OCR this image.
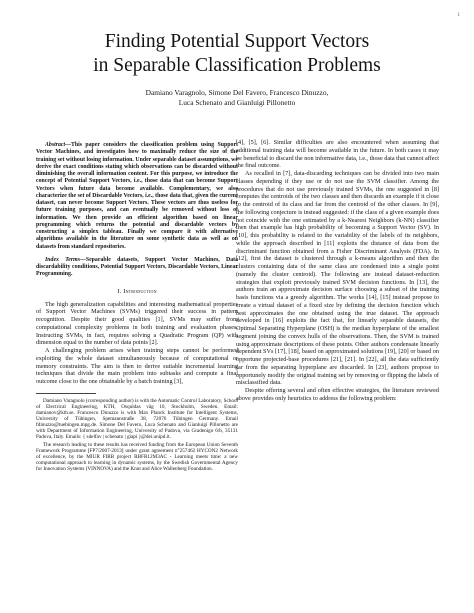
1
Finding Potential Support Vectors
in Separable Classification Problems
Damiano Varagnolo, Simone Del Favero, Francesco Dinuzzo,
Luca Schenato and Gianluigi Pillonetto

Abstract—This paper considers the classification problem using Support Vector Machines, and investigates how to maximally reduce the size of the training set without losing information. Under separable dataset assumptions, we derive the exact conditions stating which observations can be discarded without diminishing the overall information content. For this purpose, we introduce the concept of Potential Support Vectors, i.e., those data that can become Support Vectors when future data become available. Complementary, we also characterize the set of Discardable Vectors, i.e., those data that, given the current dataset, can never become Support Vectors. These vectors are thus useless for future training purposes, and can eventually be removed without loss of information. We then provide an efficient algorithm based on linear programming which returns the potential and discardable vectors by constructing a simplex tableau. Finally we compare it with alternative algorithms available in the literature on some synthetic data as well as on datasets from standard repositories.

Index Terms—Separable datasets, Support Vector Machines, Data discardability conditions, Potential Support Vectors, Discardable Vectors, Linear Programming.

I. Introduction

The high generalization capabilities and interesting mathematical properties of Support Vector Machines (SVMs) triggered their success in pattern recognition. Despite their good qualities [1], SVMs may suffer from computational complexity problems in both training and evaluation phases. Instructing SVMs, in fact, requires solving a Quadratic Program (QP) with dimension equal to the number of data points [2].

A challenging problem arises when training steps cannot be performed exploiting the whole dataset simultaneously because of computational or memory constraints. The aim is then to derive suitable incremental learning techniques that divide the main problem into subtasks and compute a final outcome close to the one obtainable by a batch training [3],

Damiano Varagnolo (corresponding author) is with the Automatic Control Laboratory, School of Electrical Engineering, KTH, Osquldas väg 10, Stockholm, Sweden. Email: damianov@kth.se. Francesco Dinuzzo is with Max Planck Institute for Intelligent Systems, University of Tübingen, Spemannstraße 38, 72076 Tübingen Germany. Email fdinuzzo@tuebingen.mpg.de. Simone Del Favero, Luca Schenato and Gianluigi Pillonetto are with Department of Information Engineering, University of Padova, via Gradenigo 6/b, 35131 Padova, Italy. Emails: { sdelfav | schenato | giapi }@dei.unipd.it.

The research leading to these results has received funding from the European Union Seventh Framework Programme [FP7/2007-2013] under grant agreement n°257462 HYCON2 Network of excellence, by the MIUR FIRB project RBFR12M3AC - Learning meets time: a new computational approach to learning in dynamic systems, by the Swedish Governmental Agency for Innovation Systems (VINNOVA) and the Knut and Alice Wallenberg Foundation.

[4], [5], [6]. Similar difficulties are also encountered when assuming that additional training data will become available in the future. In both cases it may be beneficial to discard the non informative data, i.e., those data that cannot affect the final outcome.

As recalled in [7], data-discarding techniques can be divided into two main classes depending if they use or do not use the SVM classifier. Among the procedures that do not use previously trained SVMs, the one suggested in [8] computes the centroids of the two classes and then discards an example if it close to the centroid of its class and far from the centroid of the other classes. In [9], the following conjecture is instead suggested: if the class of a given example does not coincide with the one estimated by a k-Nearest Neighbors (k-NN) classifier then that example has high probability of becoming a Support Vector (SV). In [10], this probability is related to the variability of the labels of its neighbors, while the approach described in [11] exploits the distance of data from the discriminant function obtained from a Fisher Discriminant Analysis (FDA). In [12], first the dataset is clustered through a k-means algorithm and then the clusters containing data of the same class are condensed into a single point (namely the cluster centroid). The following are instead dataset-reduction strategies that exploit previously trained SVM decision functions. In [13], the authors train an approximate decision surface choosing a subset of the training basis functions via a greedy algorithm. The works [14], [15] instead propose to create a virtual dataset of a fixed size by defining the decision function which best approximates the one obtained using the true dataset. The approach developed in [16] exploits the fact that, for linearly separable datasets, the Optimal Separating Hyperplane (OSH) is the median hyperplane of the smallest segment joining the convex hulls of the observations. Then, the SVM is trained using approximate descriptions of these points. Other authors condensate linearly dependent SVs [17], [18], based on approximated solutions [19], [20] or based on opportune projected-base procedures [21], [21]. In [22], all the data sufficiently far from the separating hyperplane are discarded. In [23], authors propose to opportunely modify the original training set by removing or flipping the labels of misclassified data.

Despite offering several and often effective strategies, the literature reviewed above provides only heuristics to address the following problem:
